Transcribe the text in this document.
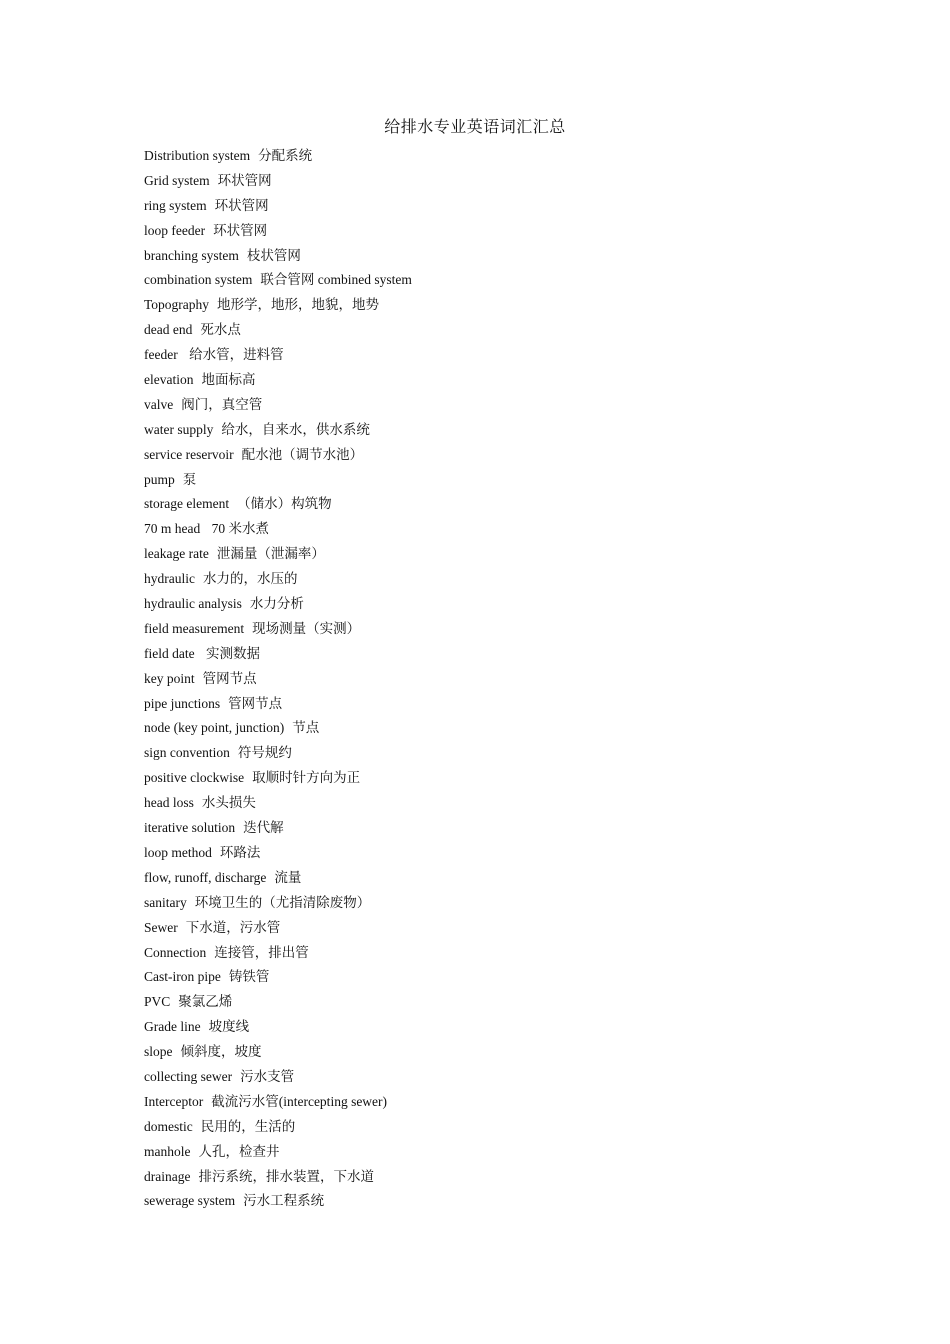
给排水专业英语词汇汇总
Distribution system 分配系统
Grid system 环状管网
ring system 环状管网
loop feeder 环状管网
branching system 枝状管网
combination system 联合管网 combined system
Topography 地形学，地形，地貌，地势
dead end 死水点
feeder 给水管，进料管
elevation 地面标高
valve 阀门，真空管
water supply 给水，自来水，供水系统
service reservoir 配水池（调节水池）
pump 泵
storage element （储水）构筑物
70 m head 70 米水煮
leakage rate 泄漏量（泄漏率）
hydraulic 水力的，水压的
hydraulic analysis 水力分析
field measurement 现场测量（实测）
field date 实测数据
key point 管网节点
pipe junctions 管网节点
node (key point, junction) 节点
sign convention 符号规约
positive clockwise 取顺时针方向为正
head loss 水头损失
iterative solution 迭代解
loop method 环路法
flow, runoff, discharge 流量
sanitary 环境卫生的（尤指清除废物）
Sewer 下水道，污水管
Connection 连接管，排出管
Cast-iron pipe 铸铁管
PVC 聚氯乙烯
Grade line 坡度线
slope 倾斜度，坡度
collecting sewer 污水支管
Interceptor 截流污水管(intercepting sewer)
domestic 民用的，生活的
manhole 人孔，检查井
drainage 排污系统，排水装置，下水道
sewerage system 污水工程系统
